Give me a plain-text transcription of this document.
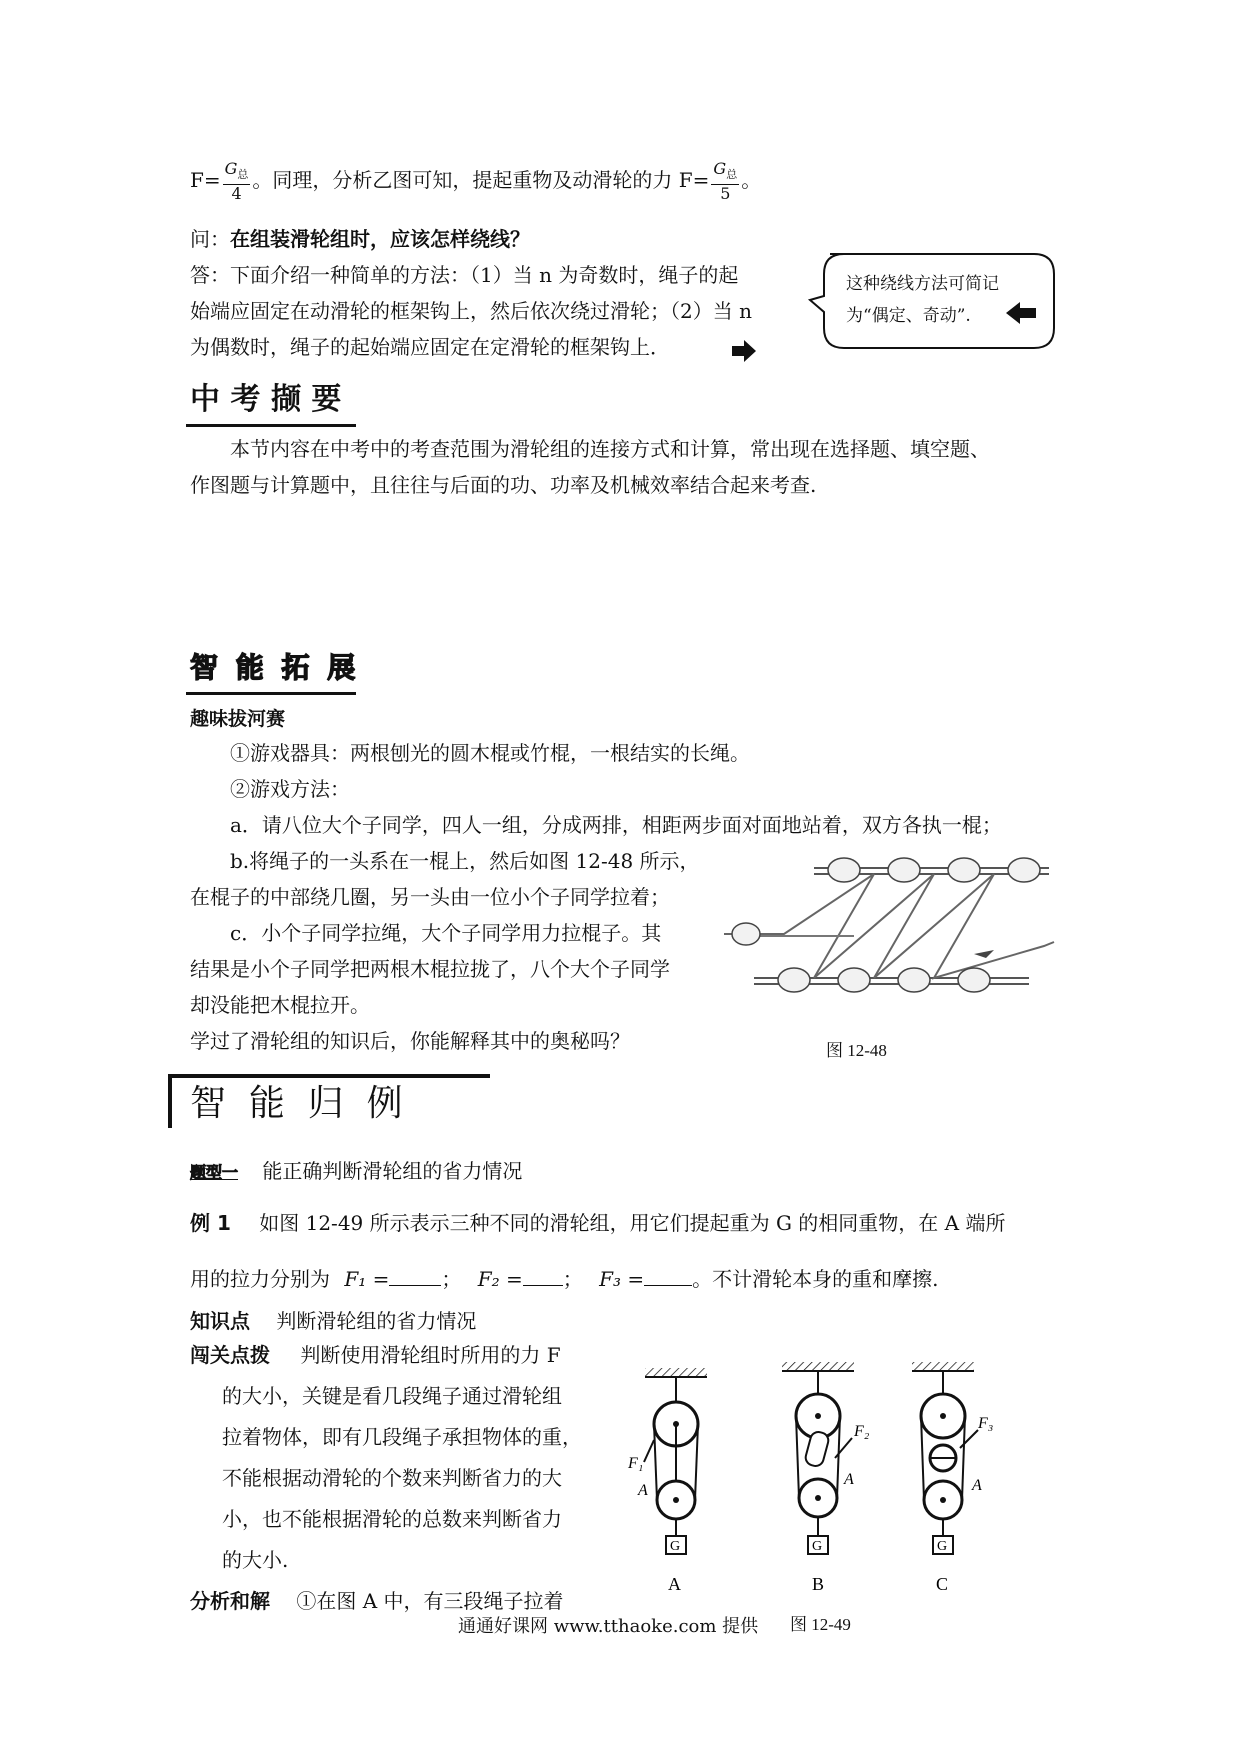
$F= \frac{G_总}{4}$ 。同理，分析乙图可知，提起重物及动滑轮的力 $F= \frac{G_总}{5}$ 。
问：在组装滑轮组时，应该怎样绕线？
答：下面介绍一种简单的方法：（1）当 n 为奇数时，绳子的起
始端应固定在动滑轮的框架钩上，然后依次绕过滑轮；（2）当 n
为偶数时，绳子的起始端应固定在定滑轮的框架钩上．
这种绕线方法可简记
为“偶定、奇动”.
中 考 撷 要
本节内容在中考中的考查范围为滑轮组的连接方式和计算，常出现在选择题、填空题、
作图题与计算题中，且往往与后面的功、功率及机械效率结合起来考查.
智 能 拓 展
趣味拔河赛
①游戏器具：两根刨光的圆木棍或竹棍，一根结实的长绳。
②游戏方法：
a．请八位大个子同学，四人一组，分成两排，相距两步面对面地站着，双方各执一棍；
b.将绳子的一头系在一棍上，然后如图 12-48 所示，
在棍子的中部绕几圈，另一头由一位小个子同学拉着；
c．小个子同学拉绳，大个子同学用力拉棍子。其
结果是小个子同学把两根木棍拉拢了，八个大个子同学
却没能把木棍拉开。
学过了滑轮组的知识后，你能解释其中的奥秘吗？	图 12-48
智  能  归  例
题型一 能正确判断滑轮组的省力情况
例 1 如图 12-49 所示表示三种不同的滑轮组，用它们提起重为 G 的相同重物，在 A 端所
用的拉力分别为 F₁ =	； F₂ = ； F₃ = 。不计滑轮本身的重和摩擦.
知识点 判断滑轮组的省力情况
闯关点拨 判断使用滑轮组时所用的力 F
的大小，关键是看几段绳子通过滑轮组
拉着物体，即有几段绳子承担物体的重，
不能根据动滑轮的个数来判断省力的大
小，也不能根据滑轮的总数来判断省力
的大小.
分析和解 ①在图 A 中，有三段绳子拉着
G
F₁
A
A
G
F₂
A
B
G
F₃
A
C
通通好课网 www.tthaoke.com 提供 图 12-49
